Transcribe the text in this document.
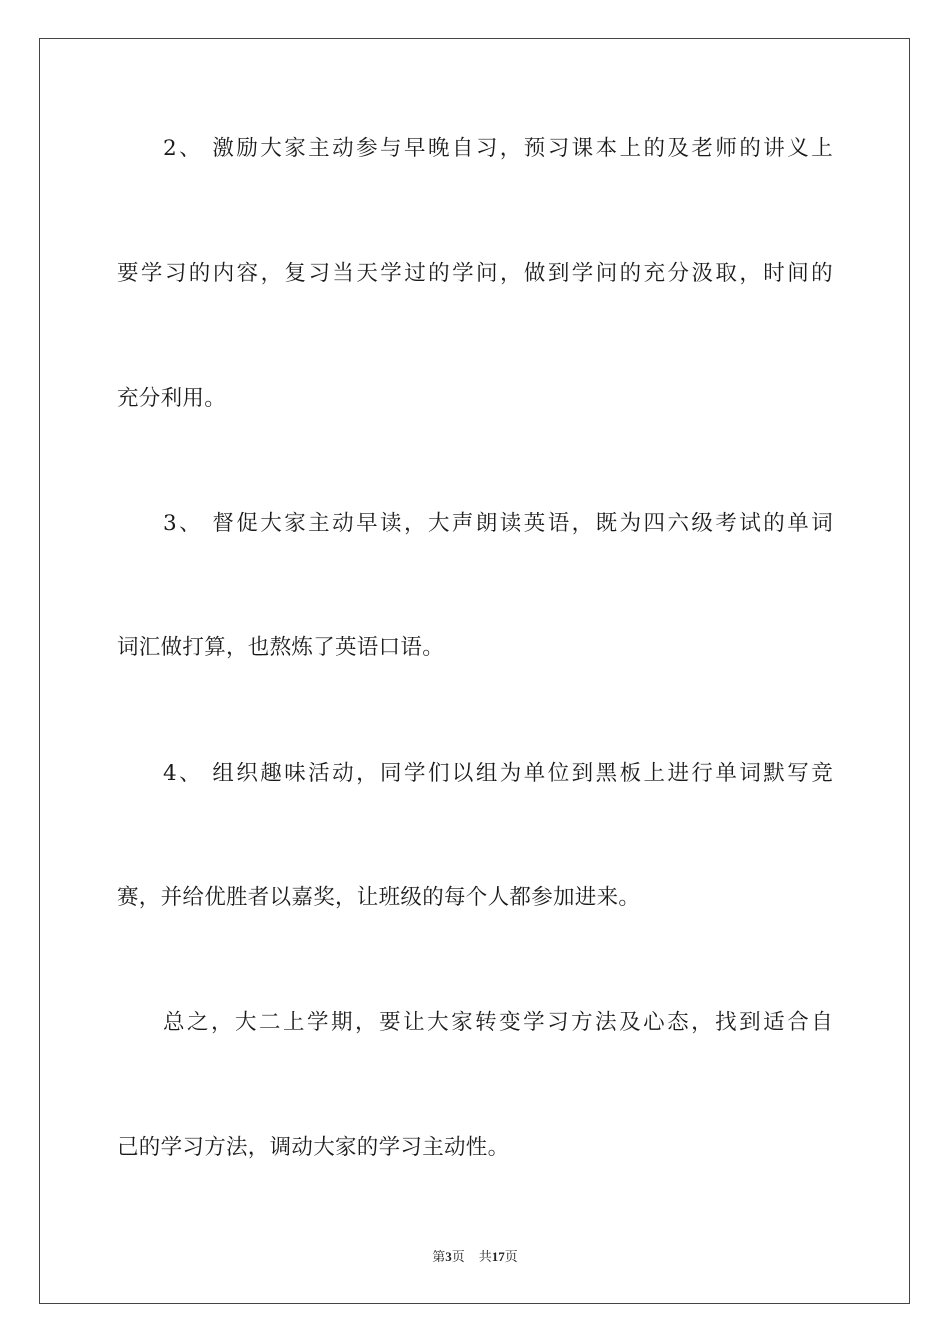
2、 激励大家主动参与早晚自习，预习课本上的及老师的讲义上
要学习的内容，复习当天学过的学问，做到学问的充分汲取，时间的
充分利用。
3、 督促大家主动早读，大声朗读英语，既为四六级考试的单词
词汇做打算，也熬炼了英语口语。
4、 组织趣味活动，同学们以组为单位到黑板上进行单词默写竞
赛，并给优胜者以嘉奖，让班级的每个人都参加进来。
总之，大二上学期，要让大家转变学习方法及心态，找到适合自
己的学习方法，调动大家的学习主动性。
第3页 共17页
